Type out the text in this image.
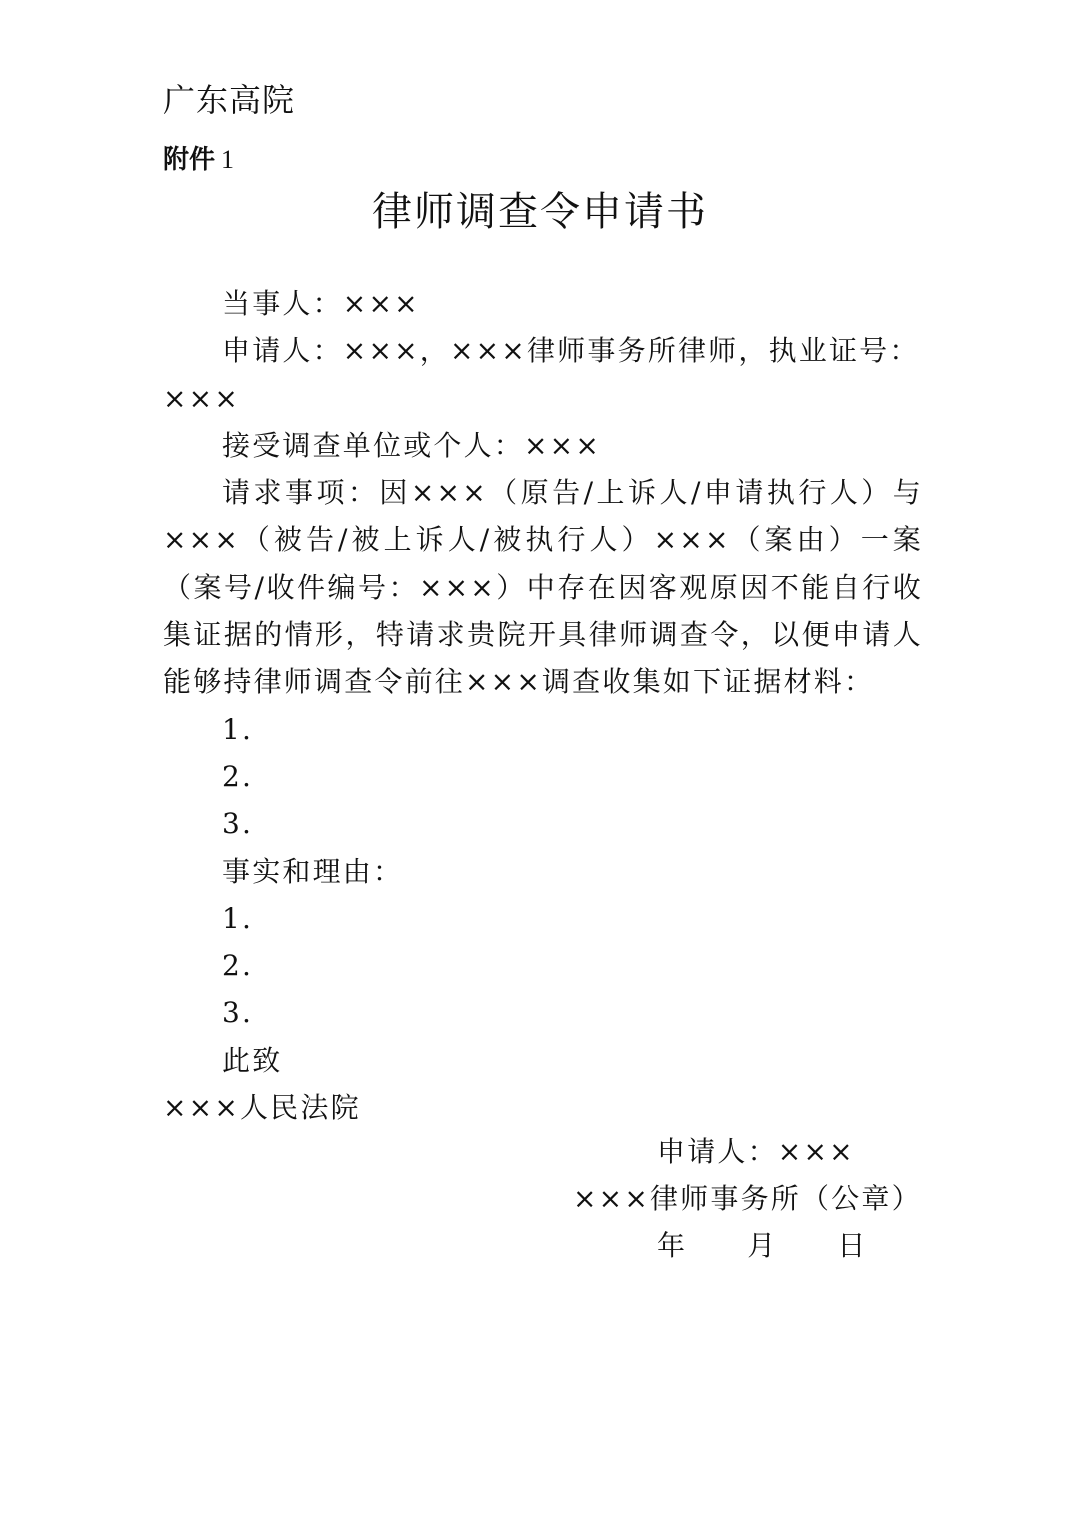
广东高院
附件 1
律师调查令申请书
当事人：×××
申请人：×××，×××律师事务所律师，执业证号：
×××
接受调查单位或个人：×××
请求事项：因×××（原告/上诉人/申请执行人）与×××（被告/被上诉人/被执行人）×××（案由）一案（案号/收件编号：×××）中存在因客观原因不能自行收集证据的情形，特请求贵院开具律师调查令，以便申请人能够持律师调查令前往×××调查收集如下证据材料：
1.
2.
3.
事实和理由：
1.
2.
3.
此致
×××人民法院
申请人：×××
×××律师事务所（公章）
年 月 日
